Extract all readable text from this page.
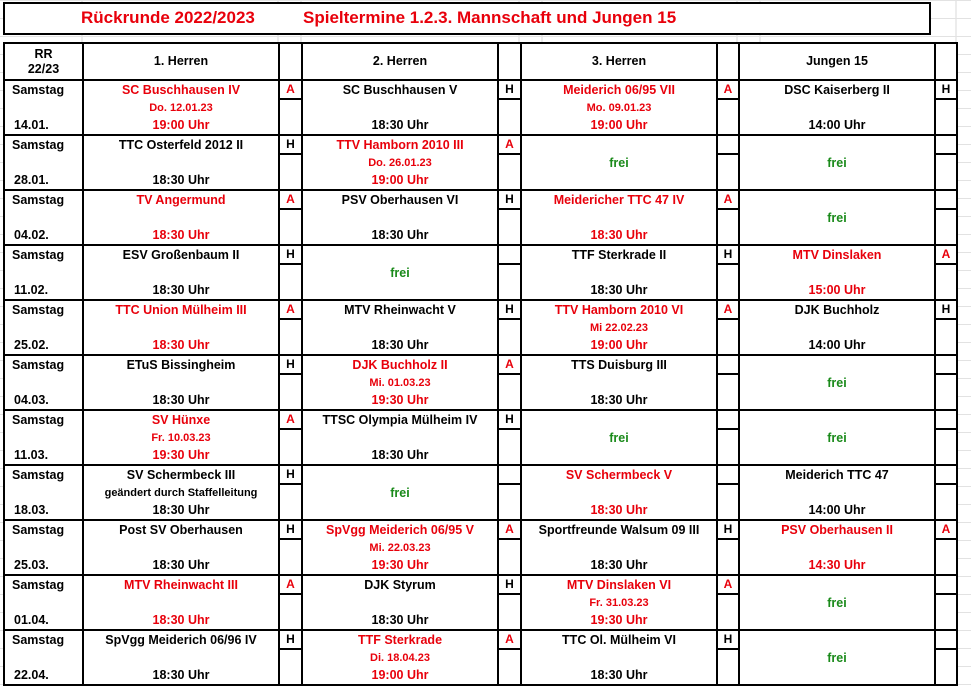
Rückrunde 2022/2023	Spieltermine 1.2.3. Mannschaft und Jungen 15
RR
22/23	1. Herren		2. Herren		3. Herren		Jungen 15	
Samstag	SC Buschhausen IV	A	SC Buschhausen V	H	Meiderich 06/95 VII	A	DSC Kaiserberg II	H
	Do. 12.01.23				Mo. 09.01.23			
14.01.	19:00 Uhr		18:30 Uhr		19:00 Uhr		14:00 Uhr	
Samstag	TTC Osterfeld 2012 II	H	TTV Hamborn 2010 III	A				
			Do. 26.01.23		frei		frei	
28.01.	18:30 Uhr		19:00 Uhr					
Samstag	TV Angermund	A	PSV Oberhausen VI	H	Meidericher TTC 47 IV	A		
							frei	
04.02.	18:30 Uhr		18:30 Uhr		18:30 Uhr			
Samstag	ESV Großenbaum II	H			TTF Sterkrade II	H	MTV Dinslaken	A
			frei					
11.02.	18:30 Uhr				18:30 Uhr		15:00 Uhr	
Samstag	TTC Union Mülheim III	A	MTV Rheinwacht V	H	TTV Hamborn 2010 VI	A	DJK Buchholz	H
					Mi 22.02.23			
25.02.	18:30 Uhr		18:30 Uhr		19:00 Uhr		14:00 Uhr	
Samstag	ETuS Bissingheim	H	DJK Buchholz II	A	TTS Duisburg III			
			Mi. 01.03.23				frei	
04.03.	18:30 Uhr		19:30 Uhr		18:30 Uhr			
Samstag	SV Hünxe	A	TTSC Olympia Mülheim IV	H				
	Fr. 10.03.23				frei		frei	
11.03.	19:30 Uhr		18:30 Uhr					
Samstag	SV Schermbeck III	H			SV Schermbeck V		Meiderich TTC 47	
	geändert durch Staffelleitung		frei					
18.03.	18:30 Uhr				18:30 Uhr		14:00 Uhr	
Samstag	Post SV Oberhausen	H	SpVgg Meiderich 06/95 V	A	Sportfreunde Walsum 09 III	H	PSV Oberhausen II	A
			Mi. 22.03.23					
25.03.	18:30 Uhr		19:30 Uhr		18:30 Uhr		14:30 Uhr	
Samstag	MTV Rheinwacht III	A	DJK Styrum	H	MTV Dinslaken VI	A		
					Fr. 31.03.23		frei	
01.04.	18:30 Uhr		18:30 Uhr		19:30 Uhr			
Samstag	SpVgg Meiderich 06/96 IV	H	TTF Sterkrade	A	TTC Ol. Mülheim VI	H		
			Di. 18.04.23				frei	
22.04.	18:30 Uhr		19:00 Uhr		18:30 Uhr			
